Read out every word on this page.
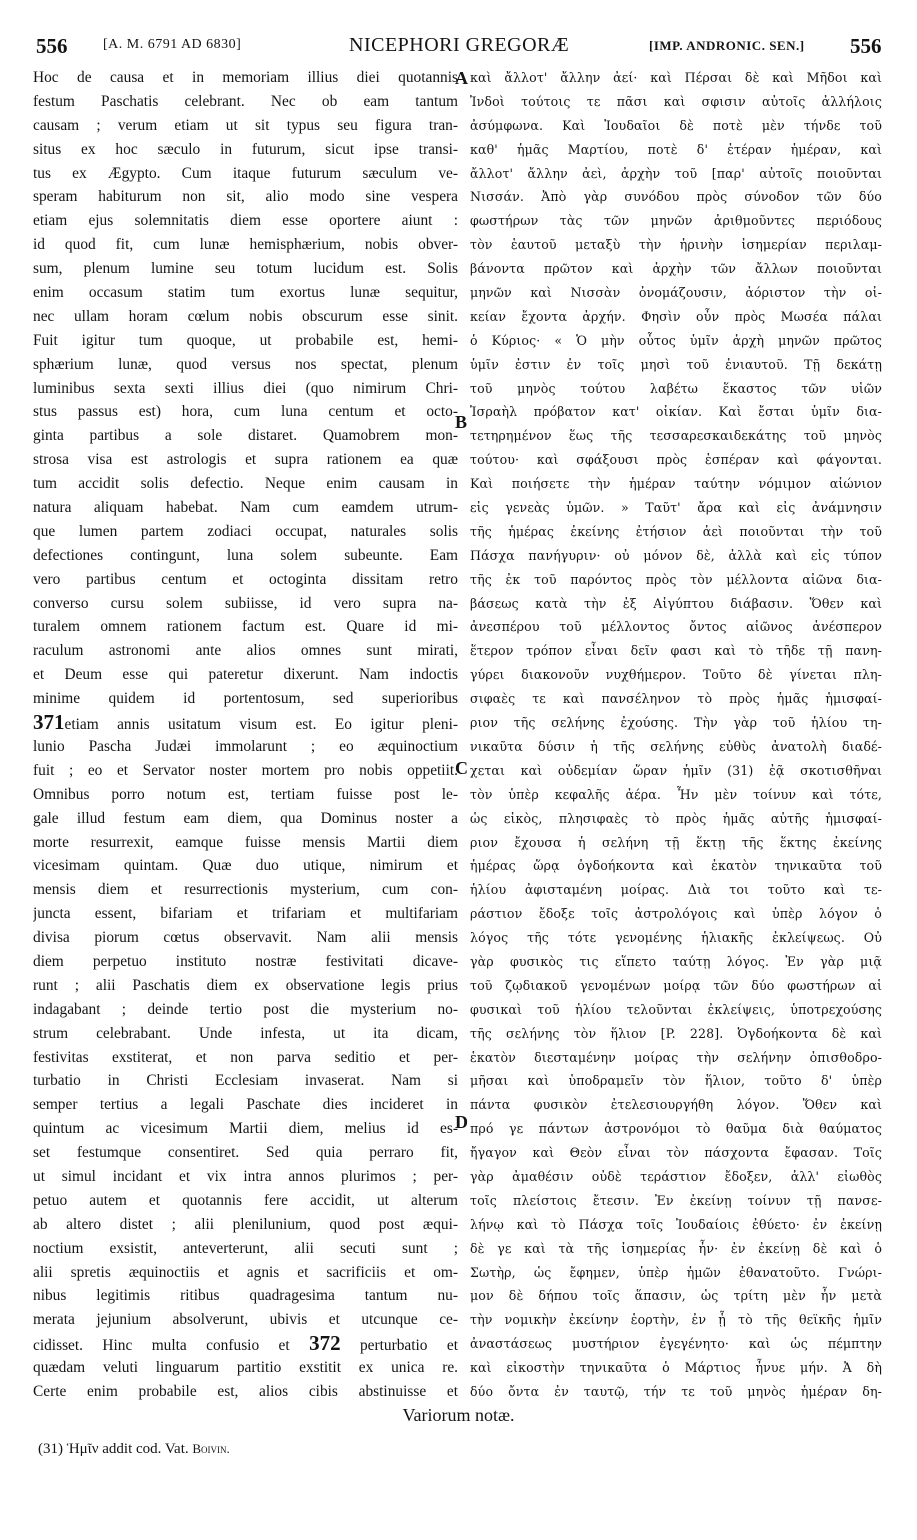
556	[A. M. 6791 AD 6830]	NICEPHORI GREGORÆ	[IMP. ANDRONIC. SEN.] 556
A
B
C
D
Hoc de causa et in memoriam illius diei quotannis
festum Paschatis celebrant. Nec ob eam tantum
causam ; verum etiam ut sit typus seu figura tran-
situs ex hoc sæculo in futurum, sicut ipse transi-
tus ex Ægypto. Cum itaque futurum sæculum ve-
speram habiturum non sit, alio modo sine vespera
etiam ejus solemnitatis diem esse oportere aiunt :
id quod fit, cum lunæ hemisphærium, nobis obver-
sum, plenum lumine seu totum lucidum est. Solis
enim occasum statim tum exortus lunæ sequitur,
nec ullam horam cœlum nobis obscurum esse sinit.
Fuit igitur tum quoque, ut probabile est, hemi-
sphærium lunæ, quod versus nos spectat, plenum
luminibus sexta sexti illius diei (quo nimirum Chri-
stus passus est) hora, cum luna centum et octo-
ginta partibus a sole distaret. Quamobrem mon-
strosa visa est astrologis et supra rationem ea quæ
tum accidit solis defectio. Neque enim causam in
natura aliquam habebat. Nam cum eamdem utrum-
que lumen partem zodiaci occupat, naturales solis
defectiones contingunt, luna solem subeunte. Eam
vero partibus centum et octoginta dissitam retro
converso cursu solem subiisse, id vero supra na-
turalem omnem rationem factum est. Quare id mi-
raculum astronomi ante alios omnes sunt mirati,
et Deum esse qui pateretur dixerunt. Nam indoctis
minime quidem id portentosum, sed superioribus
371etiam annis usitatum visum est. Eo igitur pleni-
lunio Pascha Judæi immolarunt ; eo æquinoctium
fuit ; eo et Servator noster mortem pro nobis oppetiit.
Omnibus porro notum est, tertiam fuisse post le-
gale illud festum eam diem, qua Dominus noster a
morte resurrexit, eamque fuisse mensis Martii diem
vicesimam quintam. Quæ duo utique, nimirum et
mensis diem et resurrectionis mysterium, cum con-
juncta essent, bifariam et trifariam et multifariam
divisa piorum cœtus observavit. Nam alii mensis
diem perpetuo instituto nostræ festivitati dicave-
runt ; alii Paschatis diem ex observatione legis prius
indagabant ; deinde tertio post die mysterium no-
strum celebrabant. Unde infesta, ut ita dicam,
festivitas exstiterat, et non parva seditio et per-
turbatio in Christi Ecclesiam invaserat. Nam si
semper tertius a legali Paschate dies incideret in
quintum ac vicesimum Martii diem, melius id es-
set festumque consentiret. Sed quia perraro fit,
ut simul incidant et vix intra annos plurimos ; per-
petuo autem et quotannis fere accidit, ut alterum
ab altero distet ; alii plenilunium, quod post æqui-
noctium exsistit, anteverterunt, alii secuti sunt ;
alii spretis æquinoctiis et agnis et sacrificiis et om-
nibus legitimis ritibus quadragesima tantum nu-
merata jejunium absolverunt, ubivis et utcunque ce-
cidisset. Hinc multa confusio et 372 perturbatio et
quædam veluti linguarum partitio exstitit ex unica re.
Certe enim probabile est, alios cibis abstinuisse et
καὶ ἄλλοτ' ἄλλην ἀεί· καὶ Πέρσαι δὲ καὶ Μῆδοι καὶ
Ἰνδοὶ τούτοις τε πᾶσι καὶ σφισιν αὐτοῖς ἀλλήλοις
ἀσύμφωνα. Καὶ Ἰουδαῖοι δὲ ποτὲ μὲν τήνδε τοῦ
καθ' ἡμᾶς Μαρτίου, ποτὲ δ' ἑτέραν ἡμέραν, καὶ
ἄλλοτ' ἄλλην ἀεὶ, ἀρχὴν τοῦ [παρ' αὐτοῖς ποιοῦνται
Νισσάν. Ἀπὸ γὰρ συνόδου πρὸς σύνοδον τῶν δύο
φωστήρων τὰς τῶν μηνῶν ἀριθμοῦντες περιόδους
τὸν ἑαυτοῦ μεταξὺ τὴν ἠρινὴν ἰσημερίαν περιλαμ-
βάνοντα πρῶτον καὶ ἀρχὴν τῶν ἄλλων ποιοῦνται
μηνῶν καὶ Νισσὰν ὀνομάζουσιν, ἀόριστον τὴν οἰ-
κείαν ἔχοντα ἀρχήν. Φησὶν οὖν πρὸς Μωσέα πάλαι
ὁ Κύριος· « Ὁ μὴν οὗτος ὑμῖν ἀρχὴ μηνῶν πρῶτος
ὑμῖν ἐστιν ἐν τοῖς μησὶ τοῦ ἐνιαυτοῦ. Τῇ δεκάτῃ
τοῦ μηνὸς τούτου λαβέτω ἕκαστος τῶν υἱῶν
Ἰσραὴλ πρόβατον κατ' οἰκίαν. Καὶ ἔσται ὑμῖν δια-
τετηρημένον ἕως τῆς τεσσαρεσκαιδεκάτης τοῦ μηνὸς
τούτου· καὶ σφάξουσι πρὸς ἑσπέραν καὶ φάγονται.
Καὶ ποιήσετε τὴν ἡμέραν ταύτην νόμιμον αἰώνιον
εἰς γενεὰς ὑμῶν. » Ταῦτ' ἄρα καὶ εἰς ἀνάμνησιν
τῆς ἡμέρας ἐκείνης ἐτήσιον ἀεὶ ποιοῦνται τὴν τοῦ
Πάσχα πανήγυριν· οὐ μόνον δὲ, ἀλλὰ καὶ εἰς τύπον
τῆς ἐκ τοῦ παρόντος πρὸς τὸν μέλλοντα αἰῶνα δια-
βάσεως κατὰ τὴν ἐξ Αἰγύπτου διάβασιν. Ὅθεν καὶ
ἀνεσπέρου τοῦ μέλλοντος ὄντος αἰῶνος ἀνέσπερον
ἕτερον τρόπον εἶναι δεῖν φασι καὶ τὸ τῆδε τῇ πανη-
γύρει διακονοῦν νυχθήμερον. Τοῦτο δὲ γίνεται πλη-
σιφαὲς τε καὶ πανσέληνον τὸ πρὸς ἡμᾶς ἡμισφαί-
ριον τῆς σελήνης ἐχούσης. Τὴν γὰρ τοῦ ἡλίου τη-
νικαῦτα δύσιν ἡ τῆς σελήνης εὐθὺς ἀνατολὴ διαδέ-
χεται καὶ οὐδεμίαν ὥραν ἡμῖν (31) ἐᾷ σκοτισθῆναι
τὸν ὑπὲρ κεφαλῆς ἀέρα. Ἦν μὲν τοίνυν καὶ τότε,
ὡς εἰκὸς, πλησιφαὲς τὸ πρὸς ἡμᾶς αὐτῆς ἡμισφαί-
ριον ἔχουσα ἡ σελήνη τῇ ἕκτῃ τῆς ἕκτης ἐκείνης
ἡμέρας ὥρᾳ ὀγδοήκοντα καὶ ἑκατὸν τηνικαῦτα τοῦ
ἡλίου ἀφισταμένη μοίρας. Διὰ τοι τοῦτο καὶ τε-
ράστιον ἔδοξε τοῖς ἀστρολόγοις καὶ ὑπὲρ λόγον ὁ
λόγος τῆς τότε γενομένης ἡλιακῆς ἐκλείψεως. Οὐ
γὰρ φυσικὸς τις εἵπετο ταύτῃ λόγος. Ἐν γὰρ μιᾷ
τοῦ ζῳδιακοῦ γενομένων μοίρᾳ τῶν δύο φωστήρων αἱ
φυσικαὶ τοῦ ἡλίου τελοῦνται ἐκλείψεις, ὑποτρεχούσης
τῆς σελήνης τὸν ἥλιον [P. 228]. Ὀγδοήκοντα δὲ καὶ
ἑκατὸν διεσταμένην μοίρας τὴν σελήνην ὀπισθοδρο-
μῆσαι καὶ ὑποδραμεῖν τὸν ἥλιον, τοῦτο δ' ὑπὲρ
πάντα φυσικὸν ἐτελεσιουργήθη λόγον. Ὅθεν καὶ
πρό γε πάντων ἀστρονόμοι τὸ θαῦμα διὰ θαύματος
ἤγαγον καὶ Θεὸν εἶναι τὸν πάσχοντα ἔφασαν. Τοῖς
γὰρ ἀμαθέσιν οὐδὲ τεράστιον ἔδοξεν, ἀλλ' εἰωθὸς
τοῖς πλείστοις ἔτεσιν. Ἐν ἐκείνῃ τοίνυν τῇ πανσε-
λήνῳ καὶ τὸ Πάσχα τοῖς Ἰουδαίοις ἐθύετο· ἐν ἐκείνῃ
δὲ γε καὶ τὰ τῆς ἰσημερίας ἦν· ἐν ἐκείνῃ δὲ καὶ ὁ
Σωτὴρ, ὡς ἔφημεν, ὑπὲρ ἡμῶν ἐθανατοῦτο. Γνώρι-
μον δὲ δήπου τοῖς ἅπασιν, ὡς τρίτη μὲν ἦν μετὰ
τὴν νομικὴν ἐκείνην ἑορτὴν, ἐν ᾗ τὸ τῆς θεϊκῆς ἡμῖν
ἀναστάσεως μυστήριον ἐγεγένητο· καὶ ὡς πέμπτην
καὶ εἰκοστὴν τηνικαῦτα ὁ Μάρτιος ἦνυε μήν. Ἀ δὴ
δύο ὄντα ἐν ταυτῷ, τήν τε τοῦ μηνὸς ἡμέραν δη-
Variorum notæ.
(31) Ἡμῖν addit cod. Vat. Boivin.
